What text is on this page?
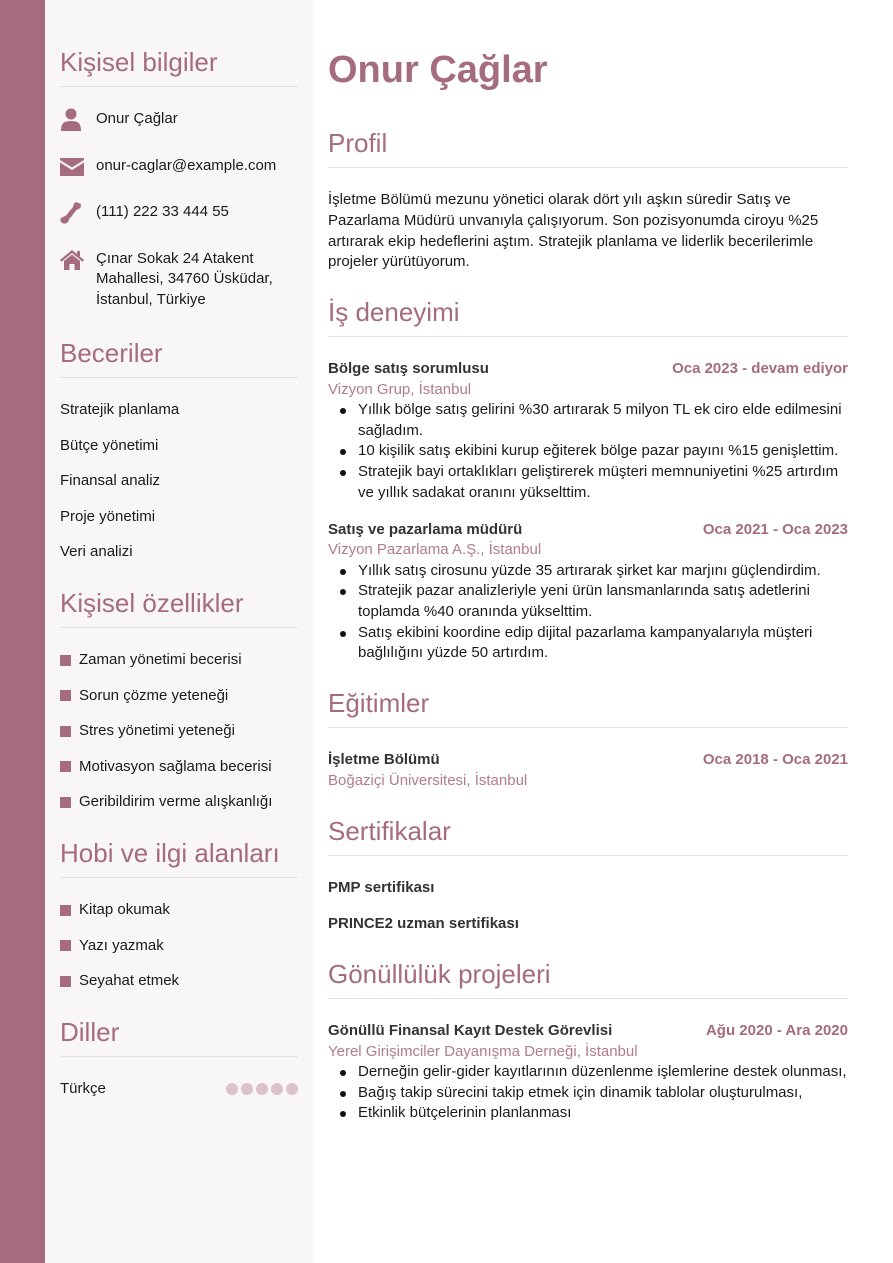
Kişisel bilgiler
Onur Çağlar
onur-caglar@example.com
(111) 222 33 444 55
Çınar Sokak 24 Atakent Mahallesi, 34760 Üsküdar, İstanbul, Türkiye
Beceriler
Stratejik planlama
Bütçe yönetimi
Finansal analiz
Proje yönetimi
Veri analizi
Kişisel özellikler
Zaman yönetimi becerisi
Sorun çözme yeteneği
Stres yönetimi yeteneği
Motivasyon sağlama becerisi
Geribildirim verme alışkanlığı
Hobi ve ilgi alanları
Kitap okumak
Yazı yazmak
Seyahat etmek
Diller
Türkçe
Onur Çağlar
Profil

İşletme Bölümü mezunu yönetici olarak dört yılı aşkın süredir Satış ve Pazarlama Müdürü unvanıyla çalışıyorum. Son pozisyonumda ciroyu %25 artırarak ekip hedeflerini aştım. Stratejik planlama ve liderlik becerilerimle projeler yürütüyorum.

İş deneyimi
Bölge satış sorumlusu	Oca 2023 - devam ediyor
Vizyon Grup, İstanbul
Yıllık bölge satış gelirini %30 artırarak 5 milyon TL ek ciro elde edilmesini sağladım.
10 kişilik satış ekibini kurup eğiterek bölge pazar payını %15 genişlettim.
Stratejik bayi ortaklıkları geliştirerek müşteri memnuniyetini %25 artırdım ve yıllık sadakat oranını yükselttim.
Satış ve pazarlama müdürü	Oca 2021 - Oca 2023
Vizyon Pazarlama A.Ş., İstanbul
Yıllık satış cirosunu yüzde 35 artırarak şirket kar marjını güçlendirdim.
Stratejik pazar analizleriyle yeni ürün lansmanlarında satış adetlerini toplamda %40 oranında yükselttim.
Satış ekibini koordine edip dijital pazarlama kampanyalarıyla müşteri bağlılığını yüzde 50 artırdım.
Eğitimler
İşletme Bölümü	Oca 2018 - Oca 2021
Boğaziçi Üniversitesi, İstanbul
Sertifikalar
PMP sertifikası
PRINCE2 uzman sertifikası
Gönüllülük projeleri
Gönüllü Finansal Kayıt Destek Görevlisi	Ağu 2020 - Ara 2020
Yerel Girişimciler Dayanışma Derneği, İstanbul
Derneğin gelir-gider kayıtlarının düzenlenme işlemlerine destek olunması,
Bağış takip sürecini takip etmek için dinamik tablolar oluşturulması,
Etkinlik bütçelerinin planlanması
